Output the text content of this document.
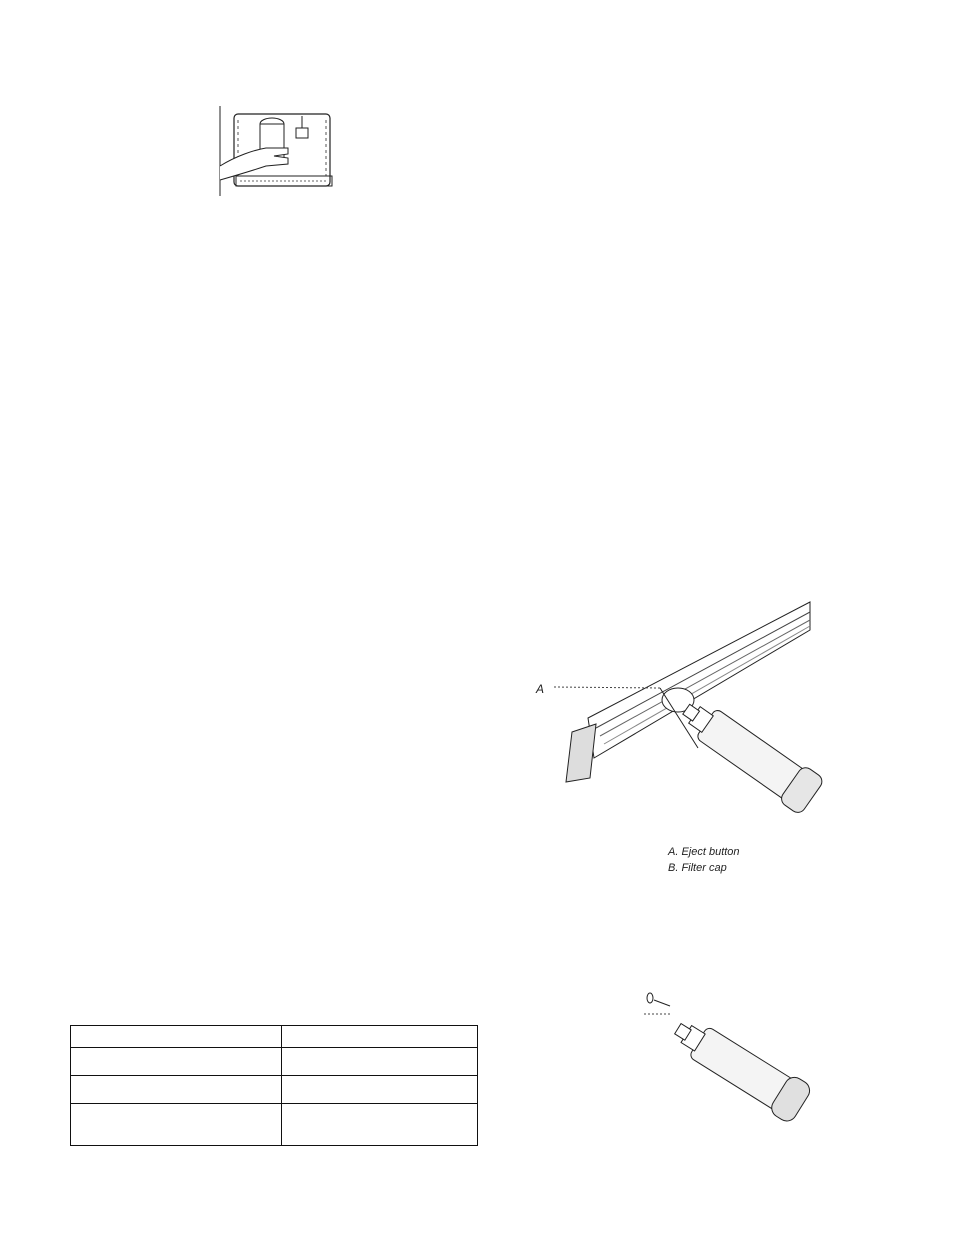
A
A. Eject button
B. Filter cap
